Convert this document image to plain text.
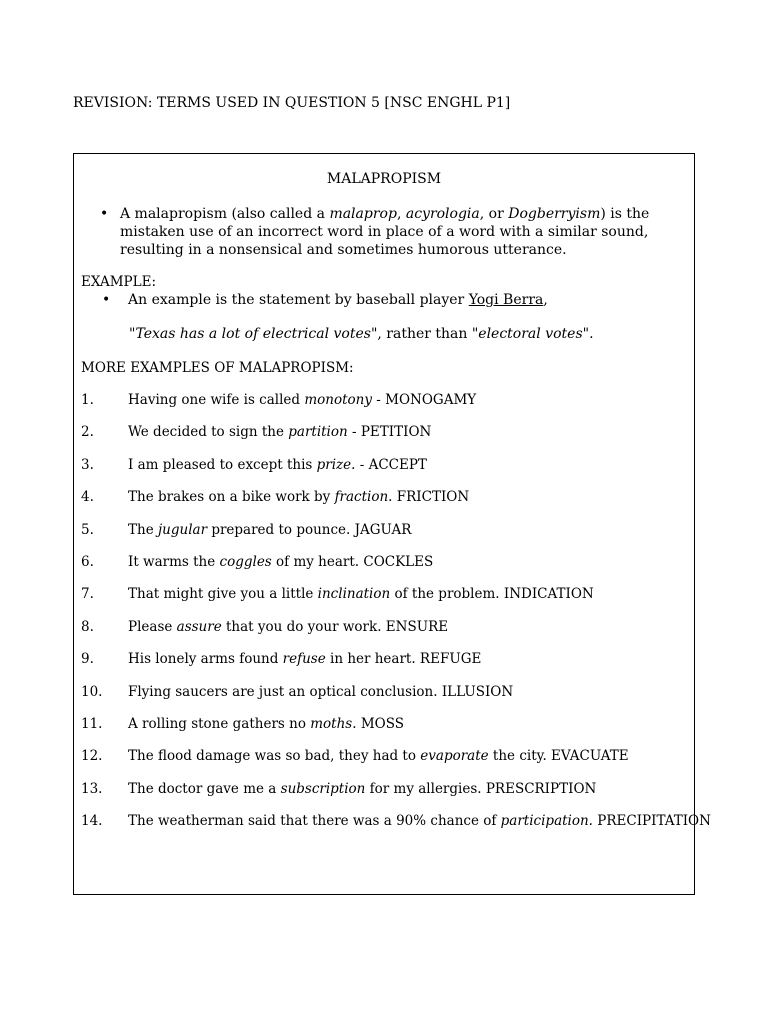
REVISION: TERMS USED IN QUESTION 5 [NSC ENGHL P1]
MALAPROPISM
• A malapropism (also called a malaprop, acyrologia, or Dogberryism) is the mistaken use of an incorrect word in place of a word with a similar sound, resulting in a nonsensical and sometimes humorous utterance.
EXAMPLE:
• An example is the statement by baseball player Yogi Berra,
"Texas has a lot of electrical votes", rather than "electoral votes".
MORE EXAMPLES OF MALAPROPISM:
1.	Having one wife is called monotony - MONOGAMY
2.	We decided to sign the partition - PETITION
3.	I am pleased to except this prize. - ACCEPT
4.	The brakes on a bike work by fraction. FRICTION
5.	The jugular prepared to pounce. JAGUAR
6.	It warms the coggles of my heart. COCKLES
7.	That might give you a little inclination of the problem. INDICATION
8.	Please assure that you do your work. ENSURE
9.	His lonely arms found refuse in her heart. REFUGE
10. Flying saucers are just an optical conclusion. ILLUSION
11. A rolling stone gathers no moths. MOSS
12. The flood damage was so bad, they had to evaporate the city. EVACUATE
13. The doctor gave me a subscription for my allergies. PRESCRIPTION
14. The weatherman said that there was a 90% chance of participation. PRECIPITATION
